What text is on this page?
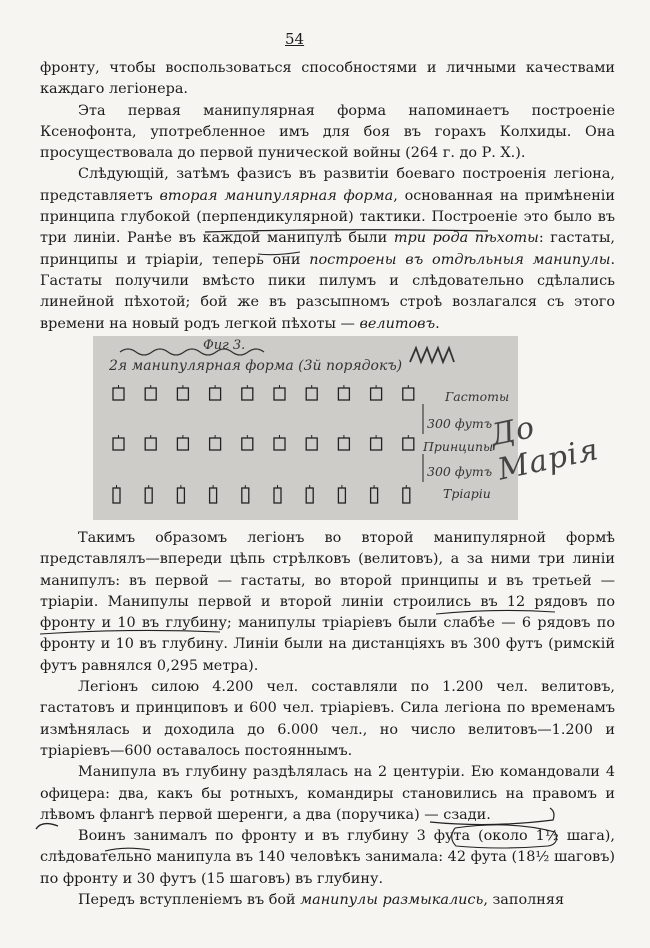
54

фронту, чтобы воспользоваться способностями и личными качествами каждаго легіонера.

Эта первая манипулярная форма напоминаетъ построеніе Ксенофонта, употребленное имъ для боя въ горахъ Колхиды. Она просуществовала до первой пунической войны (264 г. до Р. Х.).

Слѣдующій, затѣмъ фазисъ въ развитіи боеваго построенія легіона, представляетъ вторая манипулярная форма, основанная на примѣненіи принципа глубокой (перпендикулярной) тактики. Построеніе это было въ три линіи. Ранѣе въ каждой манипулѣ были три рода пѣхоты: гастаты, принципы и тріаріи, теперь они построены въ отдѣльныя манипулы. Гастаты получили вмѣсто пики пилумъ и слѣдовательно сдѣлались линейной пѣхотой; бой же въ разсыпномъ строѣ возлагался съ этого времени на новый родъ легкой пѣхоты — велитовъ.

Фиг 3.
2я манипулярная форма (3й порядокъ)
Гастоты
300 футъ
Принципы
300 футъ
Тріаріи
До Марія

Такимъ образомъ легіонъ во второй манипулярной формѣ представлялъ—впереди цѣпь стрѣлковъ (велитовъ), а за ними три линіи манипулъ: въ первой — гастаты, во второй принципы и въ третьей — тріаріи. Манипулы первой и второй линіи строились въ 12 рядовъ по фронту и 10 въ глубину; манипулы тріаріевъ были слабѣе — 6 рядовъ по фронту и 10 въ глубину. Линіи были на дистанціяхъ въ 300 футъ (римскій футъ равнялся 0,295 метра).

Легіонъ силою 4.200 чел. составляли по 1.200 чел. велитовъ, гастатовъ и принциповъ и 600 чел. тріаріевъ. Сила легіона по временамъ измѣнялась и доходила до 6.000 чел., но число велитовъ—1.200 и тріаріевъ—600 оставалось постояннымъ.

Манипула въ глубину раздѣлялась на 2 центуріи. Ею командовали 4 офицера: два, какъ бы ротныхъ, командиры становились на правомъ и лѣвомъ флангѣ первой шеренги, а два (поручика) — сзади.

Воинъ занималъ по фронту и въ глубину 3 фута (около 1½ шага), слѣдовательно манипула въ 140 человѣкъ занимала: 42 фута (18½ шаговъ) по фронту и 30 футъ (15 шаговъ) въ глубину.

Передъ вступленіемъ въ бой манипулы размыкались, заполняя
